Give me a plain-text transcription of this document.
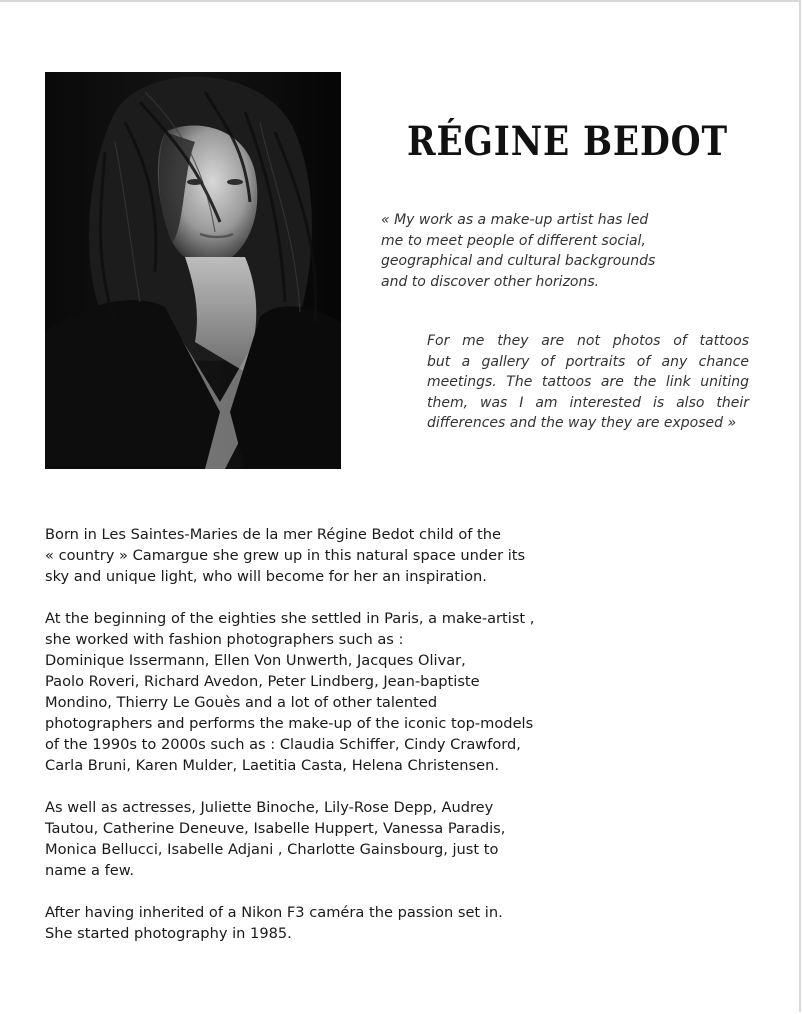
RÉGINE BEDOT
« My work as a make-up artist has led
me to meet people of different social,
geographical and cultural backgrounds
and to discover other horizons.
For me they are not photos of tattoos
but a gallery of portraits of any chance
meetings. The tattoos are the link uniting
them, was I am interested is also their
differences and the way they are exposed »

Born in Les Saintes-Maries de la mer Régine Bedot child of the
« country » Camargue she grew up in this natural space under its
sky and unique light, who will become for her an inspiration.

At the beginning of the eighties she settled in Paris, a make-artist ,
she worked with fashion photographers such as :
Dominique Issermann, Ellen Von Unwerth, Jacques Olivar,
Paolo Roveri, Richard Avedon, Peter Lindberg, Jean-baptiste
Mondino, Thierry Le Gouès and a lot of other talented
photographers and performs the make-up of the iconic top-models
of the 1990s to 2000s such as : Claudia Schiffer, Cindy Crawford,
Carla Bruni, Karen Mulder, Laetitia Casta, Helena Christensen.

As well as actresses, Juliette Binoche, Lily-Rose Depp, Audrey
Tautou, Catherine Deneuve, Isabelle Huppert, Vanessa Paradis,
Monica Bellucci, Isabelle Adjani , Charlotte Gainsbourg, just to
name a few.

After having inherited of a Nikon F3 caméra the passion set in.
She started photography in 1985.
